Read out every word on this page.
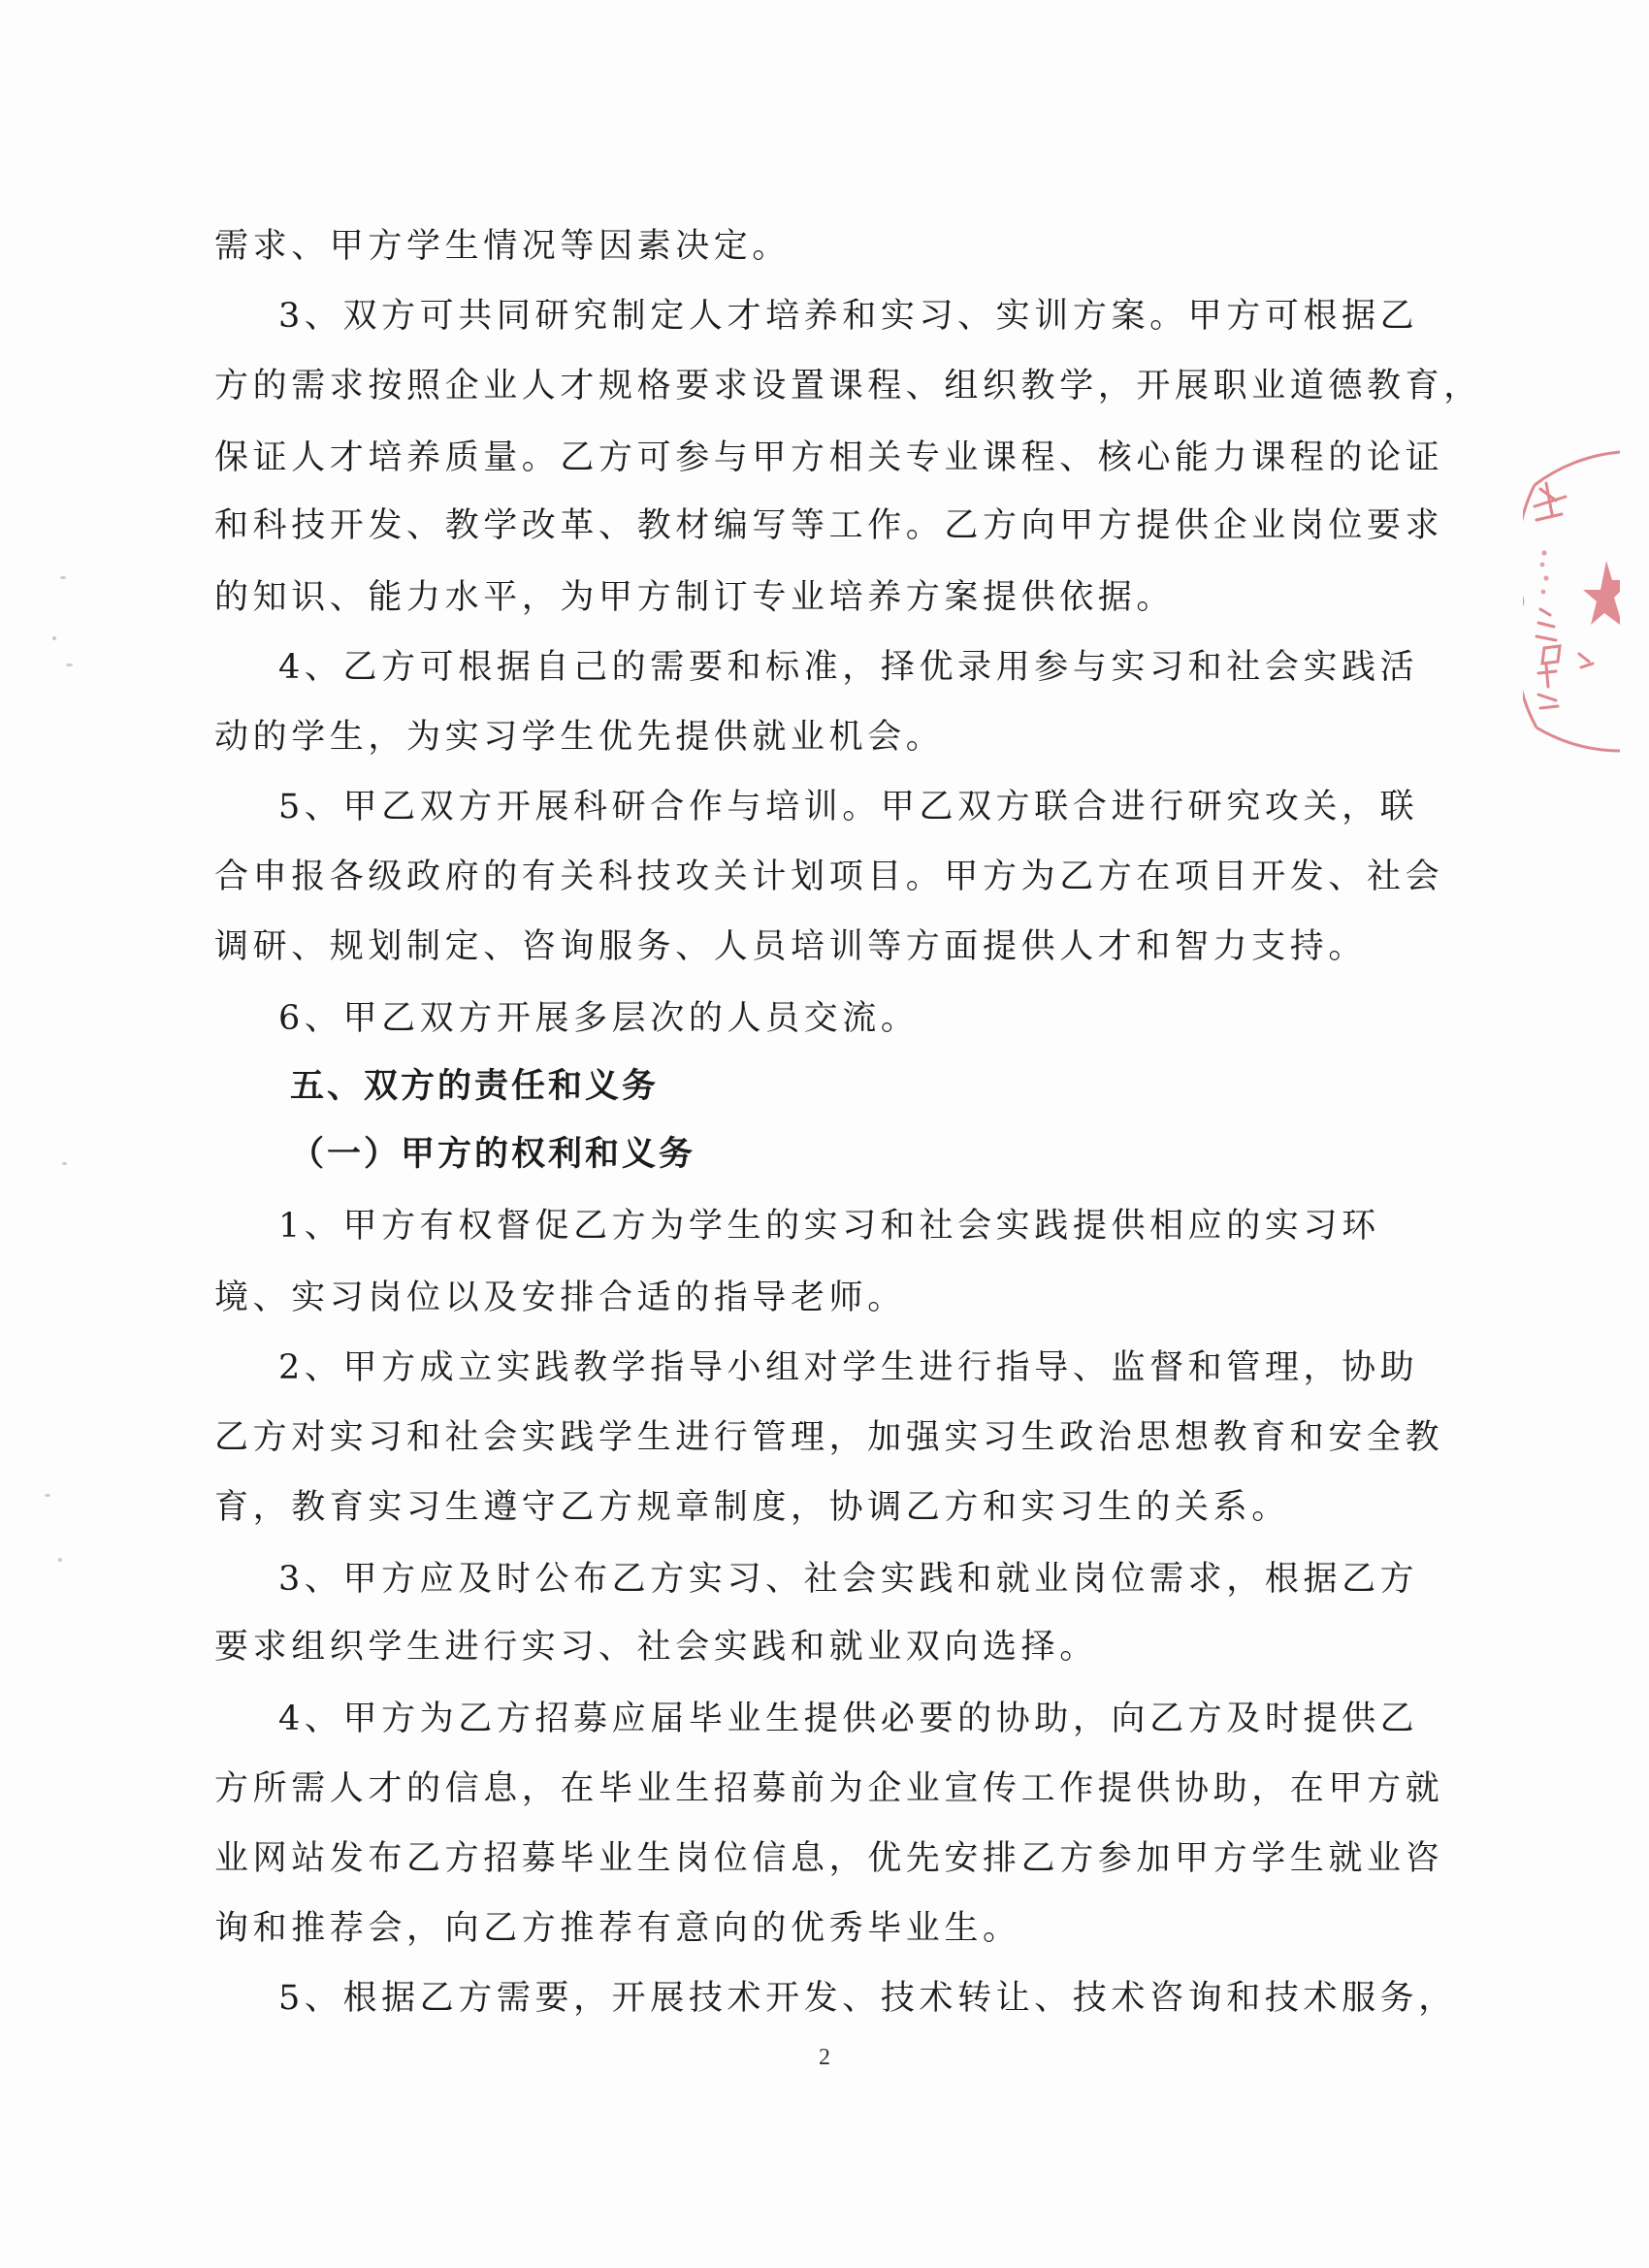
需求、甲方学生情况等因素决定。
3、双方可共同研究制定人才培养和实习、实训方案。甲方可根据乙
方的需求按照企业人才规格要求设置课程、组织教学，开展职业道德教育，
保证人才培养质量。乙方可参与甲方相关专业课程、核心能力课程的论证
和科技开发、教学改革、教材编写等工作。乙方向甲方提供企业岗位要求
的知识、能力水平，为甲方制订专业培养方案提供依据。
4、乙方可根据自己的需要和标准，择优录用参与实习和社会实践活
动的学生，为实习学生优先提供就业机会。
5、甲乙双方开展科研合作与培训。甲乙双方联合进行研究攻关，联
合申报各级政府的有关科技攻关计划项目。甲方为乙方在项目开发、社会
调研、规划制定、咨询服务、人员培训等方面提供人才和智力支持。
6、甲乙双方开展多层次的人员交流。
五、双方的责任和义务
（一）甲方的权利和义务
1、甲方有权督促乙方为学生的实习和社会实践提供相应的实习环
境、实习岗位以及安排合适的指导老师。
2、甲方成立实践教学指导小组对学生进行指导、监督和管理，协助
乙方对实习和社会实践学生进行管理，加强实习生政治思想教育和安全教
育，教育实习生遵守乙方规章制度，协调乙方和实习生的关系。
3、甲方应及时公布乙方实习、社会实践和就业岗位需求，根据乙方
要求组织学生进行实习、社会实践和就业双向选择。
4、甲方为乙方招募应届毕业生提供必要的协助，向乙方及时提供乙
方所需人才的信息，在毕业生招募前为企业宣传工作提供协助，在甲方就
业网站发布乙方招募毕业生岗位信息，优先安排乙方参加甲方学生就业咨
询和推荐会，向乙方推荐有意向的优秀毕业生。
5、根据乙方需要，开展技术开发、技术转让、技术咨询和技术服务，
2
